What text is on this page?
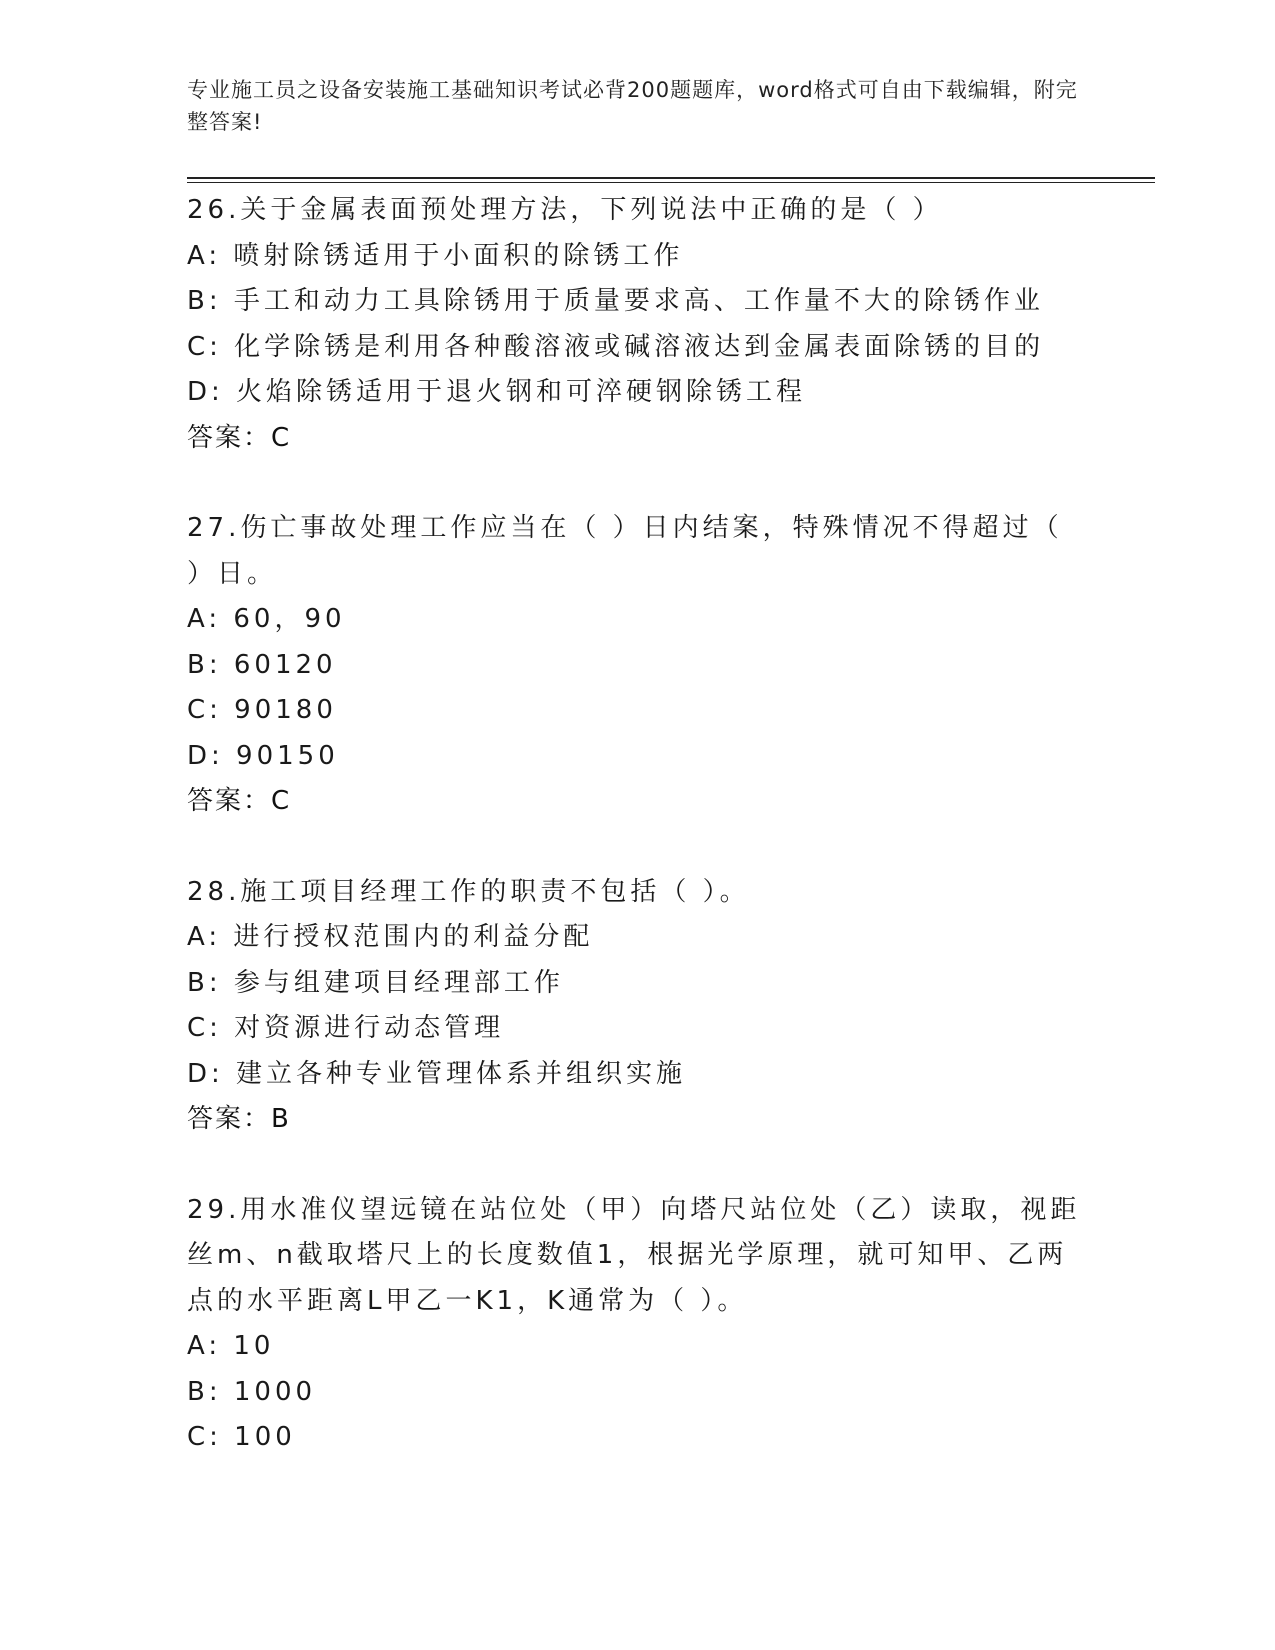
专业施工员之设备安装施工基础知识考试必背200题题库，word格式可自由下载编辑，附完整答案!
26.关于金属表面预处理方法，下列说法中正确的是（ ）
A: 喷射除锈适用于小面积的除锈工作
B: 手工和动力工具除锈用于质量要求高、工作量不大的除锈作业
C: 化学除锈是利用各种酸溶液或碱溶液达到金属表面除锈的目的
D: 火焰除锈适用于退火钢和可淬硬钢除锈工程
答案：C
27.伤亡事故处理工作应当在（ ）日内结案，特殊情况不得超过（ ）日。
A: 60，90
B: 60120
C: 90180
D: 90150
答案：C
28.施工项目经理工作的职责不包括（ ）。
A: 进行授权范围内的利益分配
B: 参与组建项目经理部工作
C: 对资源进行动态管理
D: 建立各种专业管理体系并组织实施
答案：B
29.用水准仪望远镜在站位处（甲）向塔尺站位处（乙）读取，视距丝m、n截取塔尺上的长度数值1，根据光学原理，就可知甲、乙两点的水平距离L甲乙一K1，K通常为（ ）。
A: 10
B: 1000
C: 100
